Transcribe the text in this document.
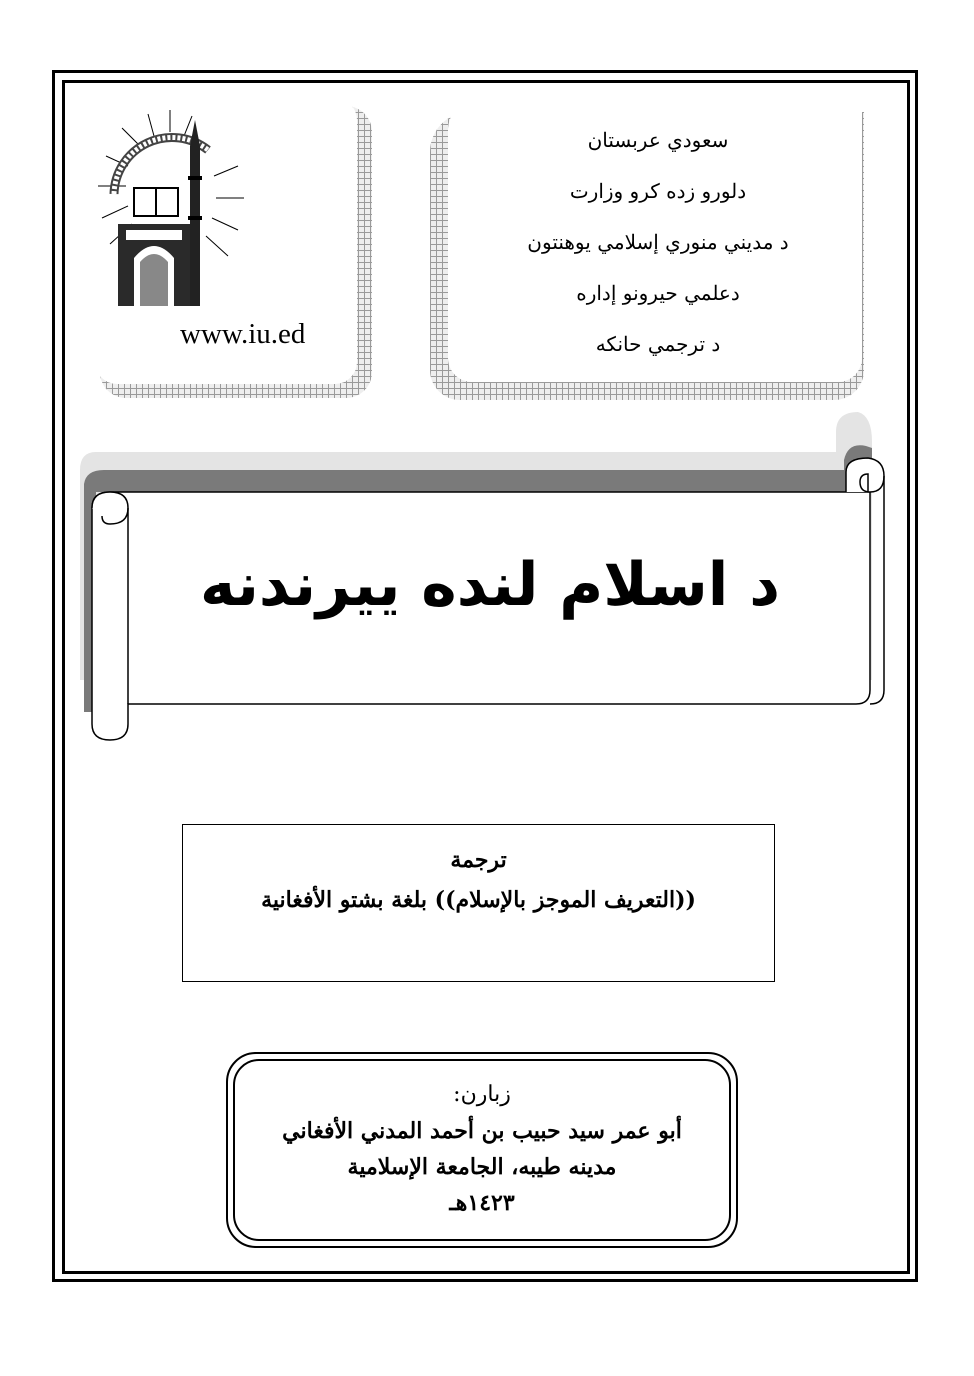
www.iu.ed
سعودي عربستان
دلورو زده كرو وزارت
د مديني منوري إسلامي يوهنتون
دعلمي حيرونو إداره
د ترجمي حانكه
د اسلام لنده ييرندنه
ترجمة
((التعريف الموجز بالإسلام)) بلغة بشتو الأفغانية
زبارن:
أبو عمر سيد حبيب بن أحمد المدني الأفغاني
مدينه طيبه، الجامعة الإسلامية
١٤٢٣هـ
